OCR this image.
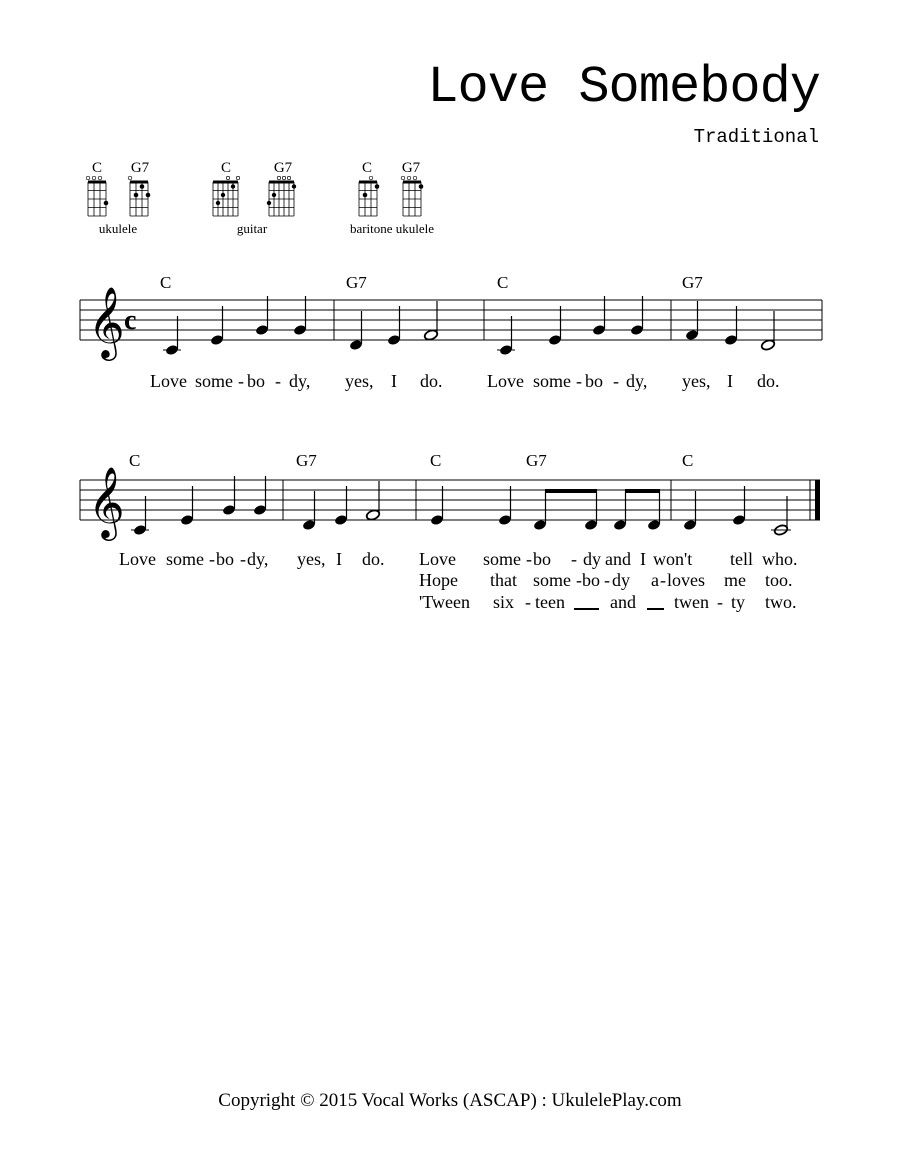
Love Somebody
Traditional
C G7
ukulele
C	G7
guitar
C G7
baritone ukulele
C	G7	C	G7
𝄞 c
Love some - bo - dy, yes, I do. Love some - bo - dy, yes, I do.
C	G7	C	G7	C
𝄞
Love some - bo - dy, yes, I do. Love some - bo - dy and I won't tell who.
Hope that some - bo - dy a - loves me too.
'Tween six - teen	and twen - ty two.
Copyright © 2015 Vocal Works (ASCAP) : UkulelePlay.com
